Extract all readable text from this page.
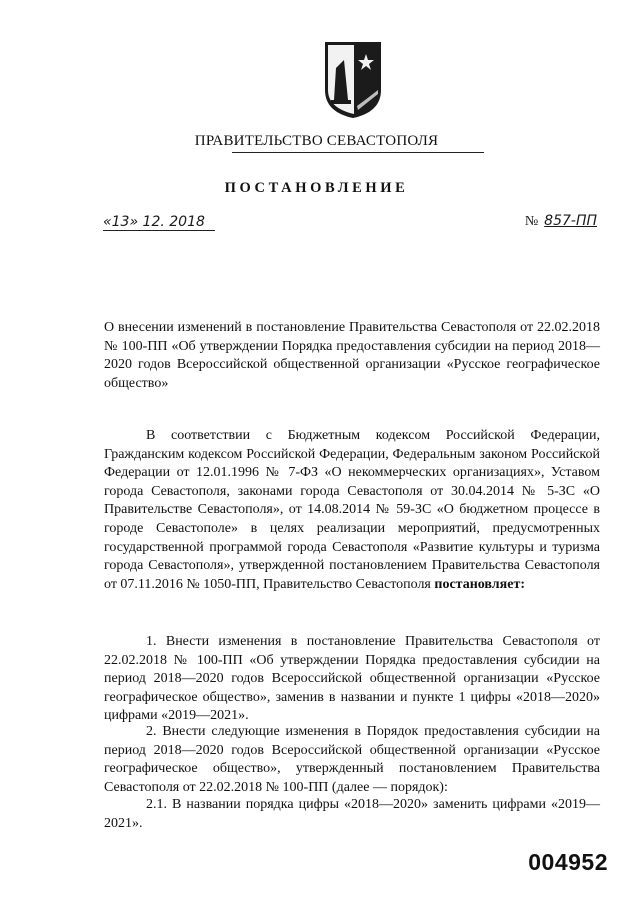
ПРАВИТЕЛЬСТВО СЕВАСТОПОЛЯ
ПОСТАНОВЛЕНИЕ
«13» 12. 2018	№ 857-ПП

О внесении изменений в постановление Правительства Севастополя от 22.02.2018 № 100-ПП «Об утверждении Порядка предоставления субсидии на период 2018—2020 годов Всероссийской общественной организации «Русское географическое общество»

В соответствии с Бюджетным кодексом Российской Федерации, Гражданским кодексом Российской Федерации, Федеральным законом Российской Федерации от 12.01.1996 № 7-ФЗ «О некоммерческих организациях», Уставом города Севастополя, законами города Севастополя от 30.04.2014 № 5-ЗС «О Правительстве Севастополя», от 14.08.2014 № 59-ЗС «О бюджетном процессе в городе Севастополе» в целях реализации мероприятий, предусмотренных государственной программой города Севастополя «Развитие культуры и туризма города Севастополя», утвержденной постановлением Правительства Севастополя от 07.11.2016 № 1050-ПП, Правительство Севастополя постановляет:

1. Внести изменения в постановление Правительства Севастополя от 22.02.2018 № 100-ПП «Об утверждении Порядка предоставления субсидии на период 2018—2020 годов Всероссийской общественной организации «Русское географическое общество», заменив в названии и пункте 1 цифры «2018—2020» цифрами «2019—2021».

2. Внести следующие изменения в Порядок предоставления субсидии на период 2018—2020 годов Всероссийской общественной организации «Русское географическое общество», утвержденный постановлением Правительства Севастополя от 22.02.2018 № 100-ПП (далее — порядок):

2.1. В названии порядка цифры «2018—2020» заменить цифрами «2019—2021».

004952
